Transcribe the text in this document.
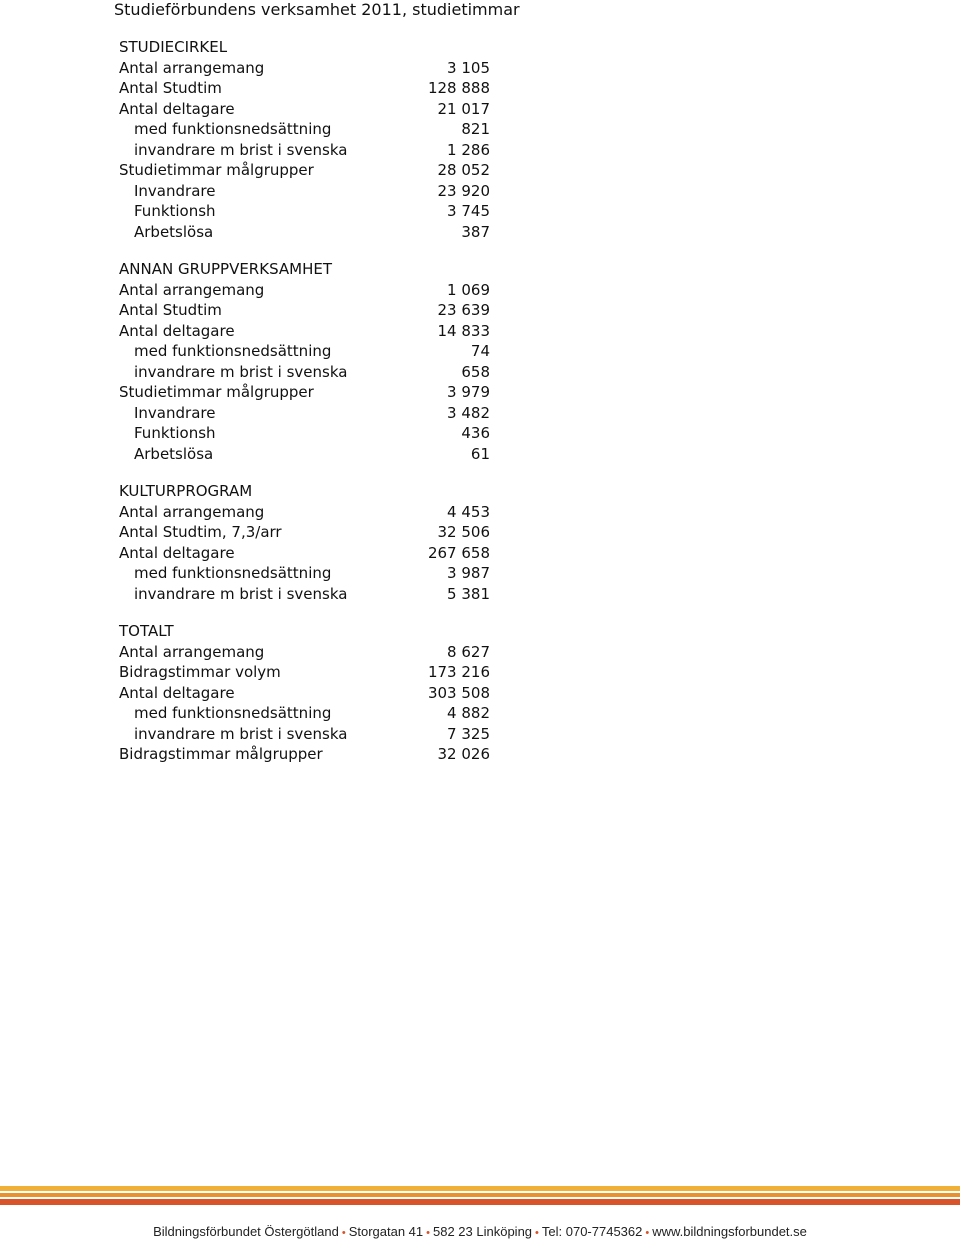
Studieförbundens verksamhet 2011, studietimmar
STUDIECIRKEL
Antal arrangemang	3 105
Antal Studtim	128 888
Antal deltagare	21 017
med funktionsnedsättning	821
invandrare m brist i svenska	1 286
Studietimmar målgrupper	28 052
Invandrare	23 920
Funktionsh	3 745
Arbetslösa	387
ANNAN GRUPPVERKSAMHET
Antal arrangemang	1 069
Antal Studtim	23 639
Antal deltagare	14 833
med funktionsnedsättning	74
invandrare m brist i svenska	658
Studietimmar målgrupper	3 979
Invandrare	3 482
Funktionsh	436
Arbetslösa	61
KULTURPROGRAM
Antal arrangemang	4 453
Antal Studtim, 7,3/arr	32 506
Antal deltagare	267 658
med funktionsnedsättning	3 987
invandrare m brist i svenska	5 381
TOTALT
Antal arrangemang	8 627
Bidragstimmar volym	173 216
Antal deltagare	303 508
med funktionsnedsättning	4 882
invandrare m brist i svenska	7 325
Bidragstimmar målgrupper	32 026
Bildningsförbundet Östergötland • Storgatan 41 • 582 23 Linköping • Tel: 070-7745362 • www.bildningsforbundet.se
